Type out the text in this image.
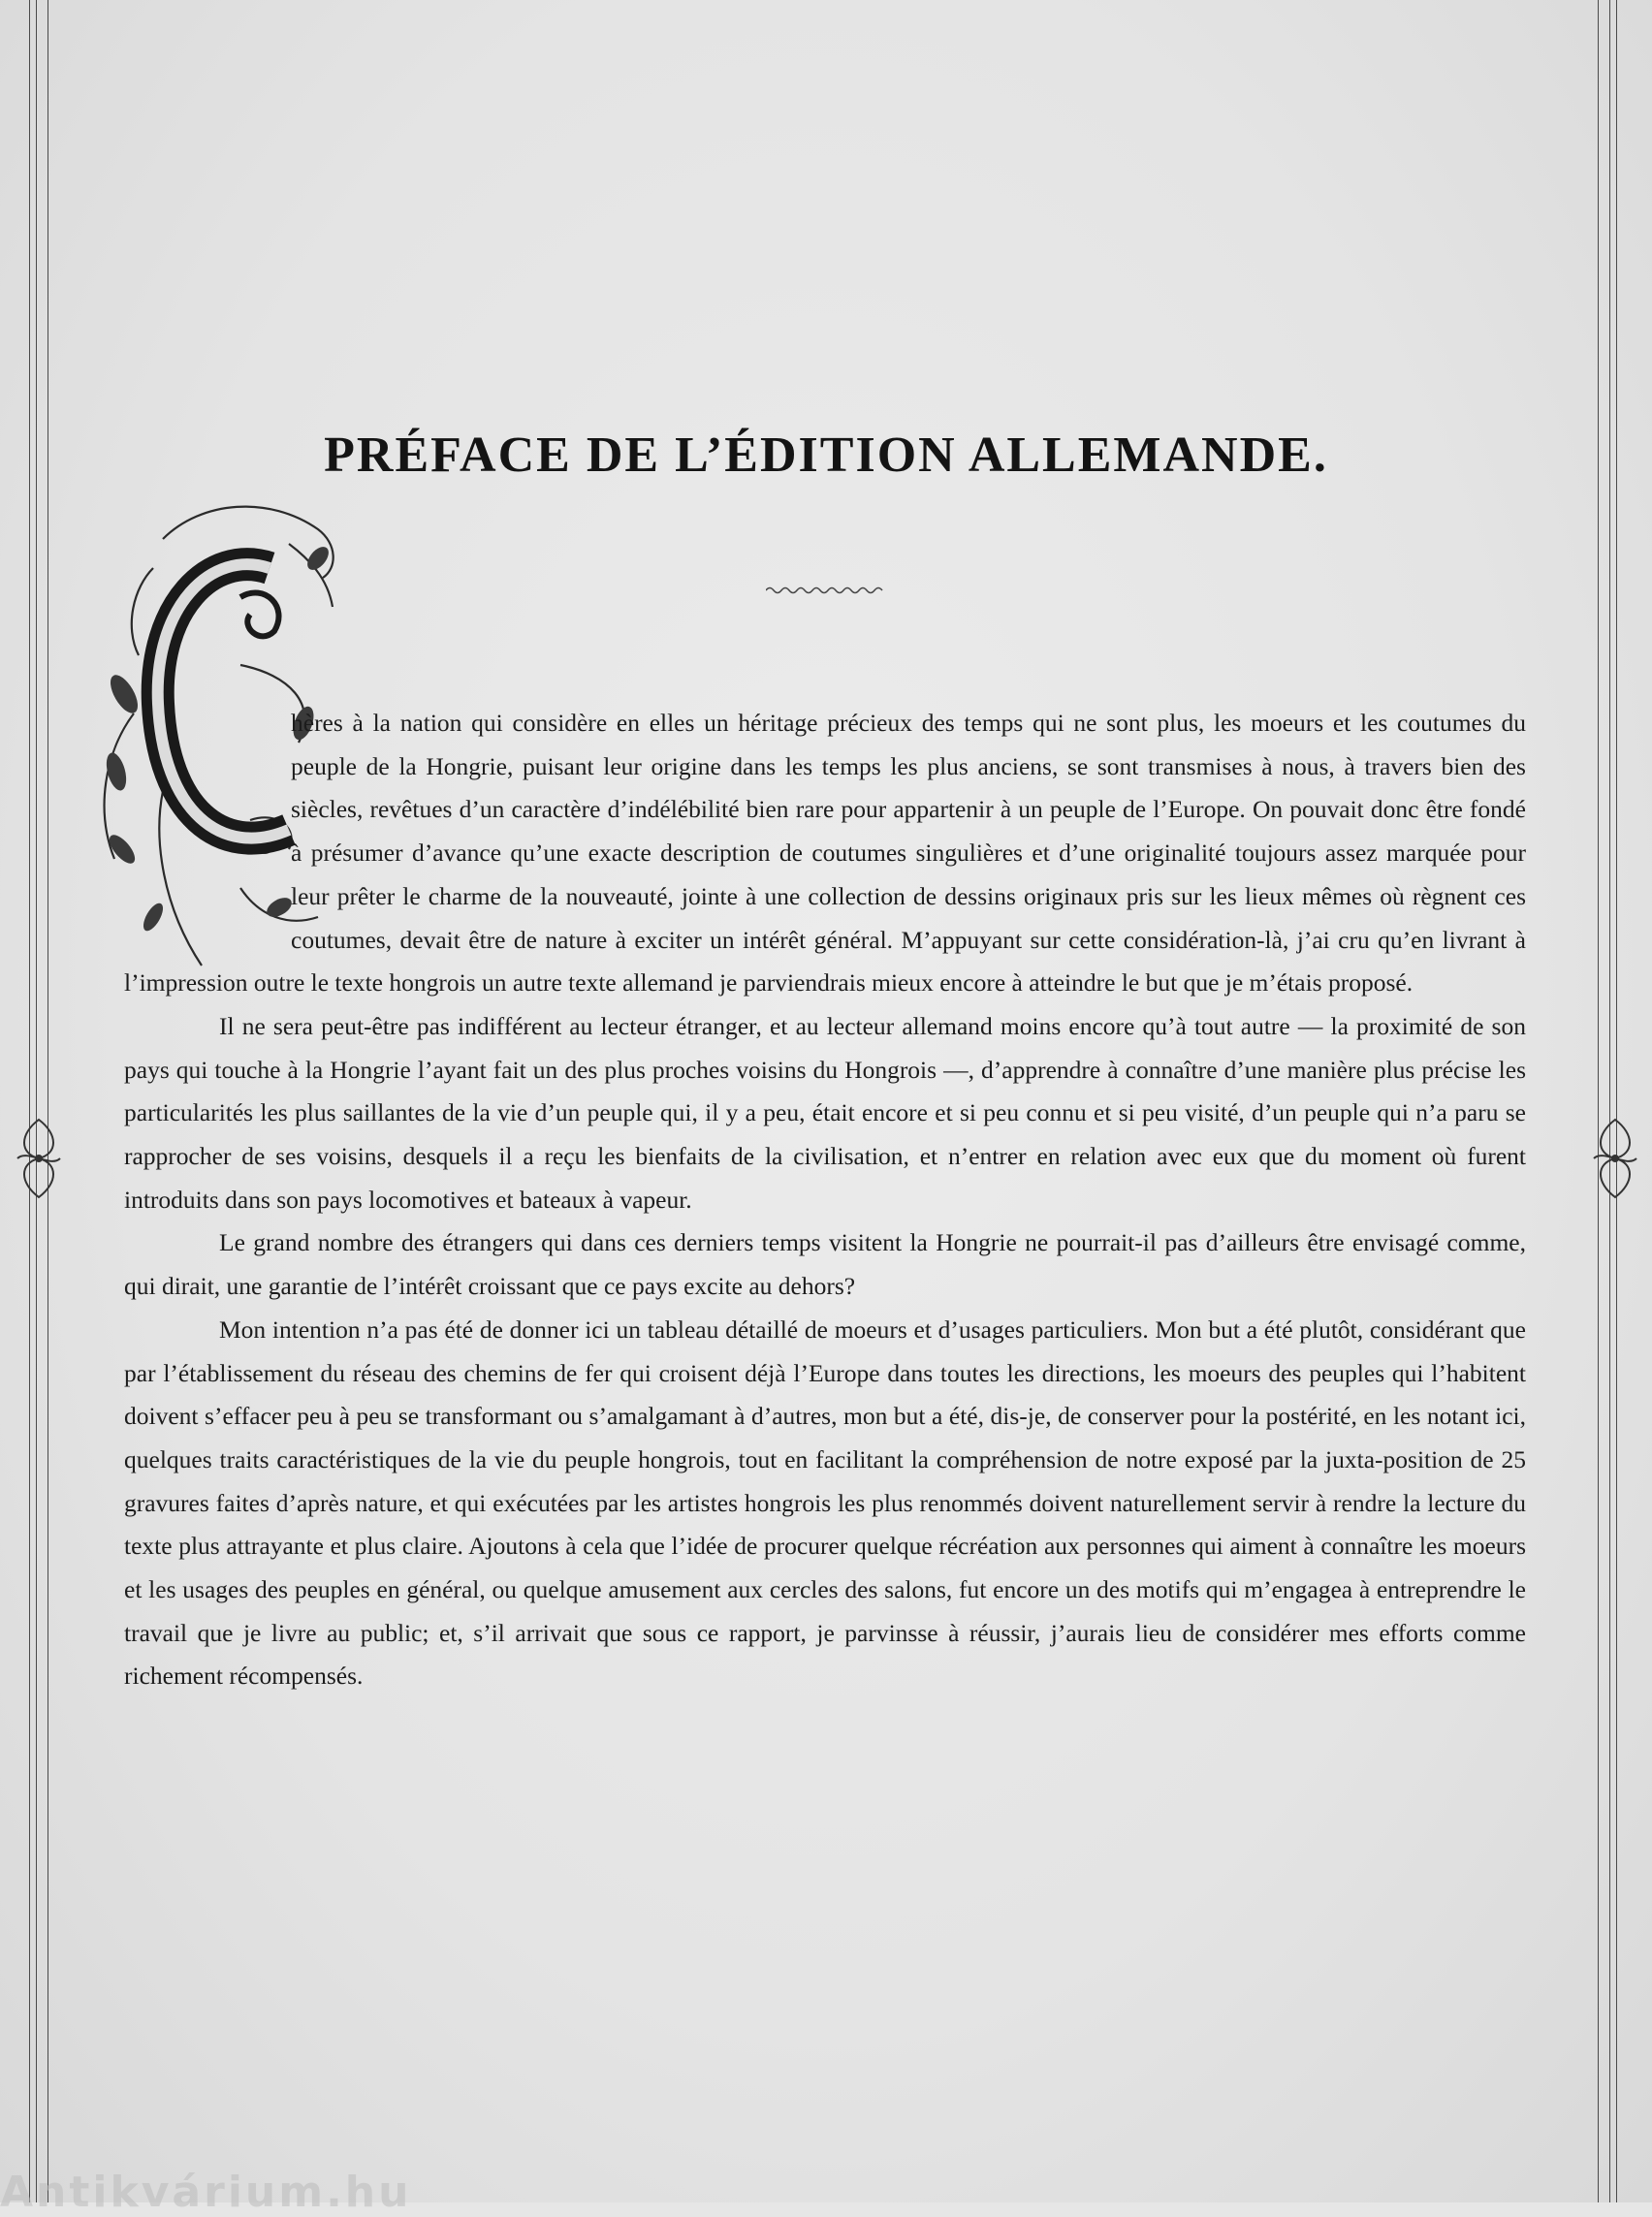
PRÉFACE DE L’ÉDITION ALLEMANDE.

hères à la nation qui considère en elles un héritage précieux des temps qui ne sont plus, les moeurs et les coutumes du peuple de la Hongrie, puisant leur origine dans les temps les plus anciens, se sont transmises à nous, à travers bien des siècles, revêtues d’un caractère d’indélébilité bien rare pour appartenir à un peuple de l’Europe. On pouvait donc être fondé à présumer d’avance qu’une exacte description de coutumes singulières et d’une originalité toujours assez marquée pour leur prêter le charme de la nouveauté, jointe à une collection de dessins originaux pris sur les lieux mêmes où règnent ces coutumes, devait être de nature à exciter un intérêt général. M’appuyant sur cette considération-là, j’ai cru qu’en livrant à l’impression outre le texte hongrois un autre texte allemand je parviendrais mieux encore à atteindre le but que je m’étais proposé.

Il ne sera peut-être pas indifférent au lecteur étranger, et au lecteur allemand moins encore qu’à tout autre — la proximité de son pays qui touche à la Hongrie l’ayant fait un des plus proches voisins du Hongrois —, d’apprendre à connaître d’une manière plus précise les particularités les plus saillantes de la vie d’un peuple qui, il y a peu, était encore et si peu connu et si peu visité, d’un peuple qui n’a paru se rapprocher de ses voisins, desquels il a reçu les bienfaits de la civilisation, et n’entrer en relation avec eux que du moment où furent introduits dans son pays locomotives et bateaux à vapeur.

Le grand nombre des étrangers qui dans ces derniers temps visitent la Hongrie ne pourrait-il pas d’ailleurs être envisagé comme, qui dirait, une garantie de l’intérêt croissant que ce pays excite au dehors?

Mon intention n’a pas été de donner ici un tableau détaillé de moeurs et d’usages particuliers. Mon but a été plutôt, considérant que par l’établissement du réseau des chemins de fer qui croisent déjà l’Europe dans toutes les directions, les moeurs des peuples qui l’habitent doivent s’effacer peu à peu se transformant ou s’amalgamant à d’autres, mon but a été, dis-je, de conserver pour la postérité, en les notant ici, quelques traits caractéristiques de la vie du peuple hongrois, tout en facilitant la compréhension de notre exposé par la juxta-position de 25 gravures faites d’après nature, et qui exécutées par les artistes hongrois les plus renommés doivent naturellement servir à rendre la lecture du texte plus attrayante et plus claire. Ajoutons à cela que l’idée de procurer quelque récréation aux personnes qui aiment à connaître les moeurs et les usages des peuples en général, ou quelque amusement aux cercles des salons, fut encore un des motifs qui m’engagea à entreprendre le travail que je livre au public; et, s’il arrivait que sous ce rapport, je parvinsse à réussir, j’aurais lieu de considérer mes efforts comme richement récompensés.

Antikvárium.hu
